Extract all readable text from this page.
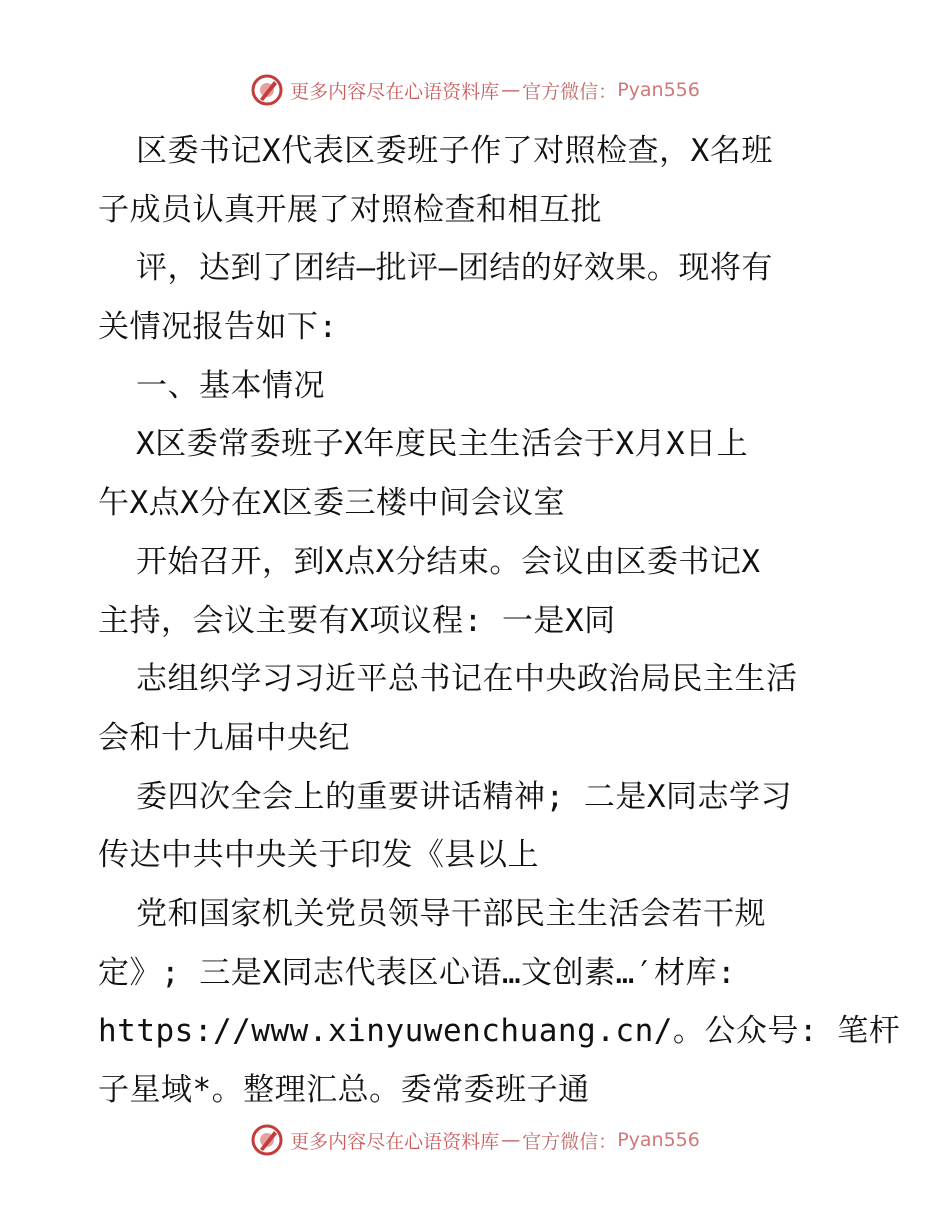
更多内容尽在心语资料库 — 官方微信： Pyan556
区委书记X代表区委班子作了对照检查，X名班
子成员认真开展了对照检查和相互批
评，达到了团结—批评—团结的好效果。现将有
关情况报告如下:
一、基本情况
X区委常委班子X年度民主生活会于X月X日上
午X点X分在X区委三楼中间会议室
开始召开，到X点X分结束。会议由区委书记X
主持，会议主要有X项议程: 一是X同
志组织学习习近平总书记在中央政治局民主生活
会和十九届中央纪
委四次全会上的重要讲话精神; 二是X同志学习
传达中共中央关于印发《县以上
党和国家机关党员领导干部民主生活会若干规
定》; 三是X同志代表区心语…文创素…′材库:
https://www.xinyuwenchuang.cn/。公众号: 笔杆
子星域*。整理汇总。委常委班子通
更多内容尽在心语资料库 — 官方微信： Pyan556
